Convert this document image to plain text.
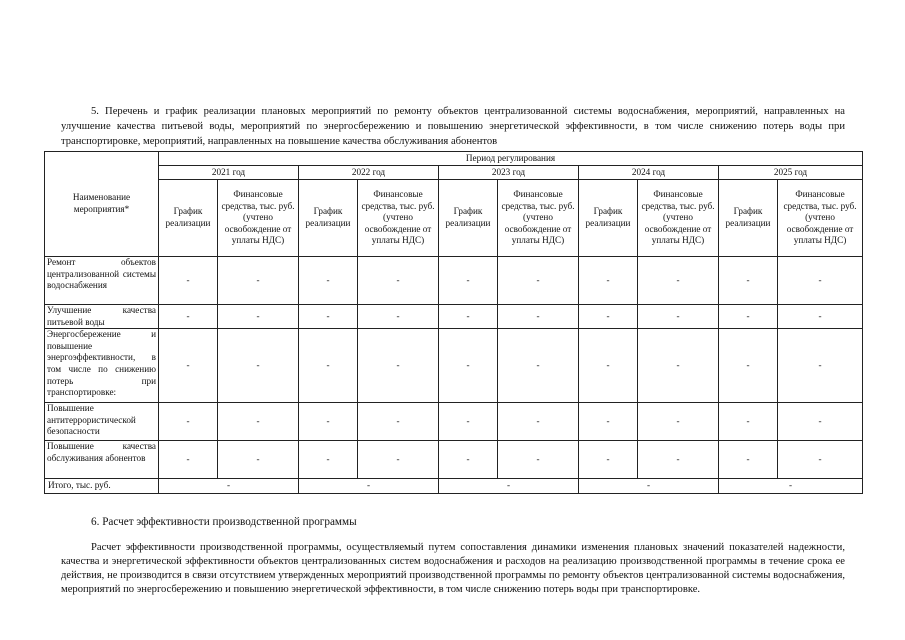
5. Перечень и график реализации плановых мероприятий по ремонту объектов централизованной системы водоснабжения, мероприятий, направленных на улучшение качества питьевой воды, мероприятий по энергосбережению и повышению энергетической эффективности, в том числе снижению потерь воды при транспортировке, мероприятий, направленных на повышение качества обслуживания абонентов

Наименование мероприятия*	Период регулирования									
	2021 год		2022 год		2023 год		2024 год		2025 год	
	График реализации	Финансовые средства, тыс. руб. (учтено освобождение от уплаты НДС)	График реализации	Финансовые средства, тыс. руб. (учтено освобождение от уплаты НДС)	График реализации	Финансовые средства, тыс. руб. (учтено освобождение от уплаты НДС)	График реализации	Финансовые средства, тыс. руб. (учтено освобождение от уплаты НДС)	График реализации	Финансовые средства, тыс. руб. (учтено освобождение от уплаты НДС)
Ремонт объектов централизованной системы водоснабжения	-	-	-	-	-	-	-	-	-	-
Улучшение качества питьевой воды	-	-	-	-	-	-	-	-	-	-
Энергосбережение и повышение энергоэффективности, в том числе по снижению потерь при транспортировке:	-	-	-	-	-	-	-	-	-	-
Повышение антитеррористической безопасности	-	-	-	-	-	-	-	-	-	-
Повышение качества обслуживания абонентов	-	-	-	-	-	-	-	-	-	-
Итого, тыс. руб.	-		-		-		-		-	
6. Расчет эффективности производственной программы

Расчет эффективности производственной программы, осуществляемый путем сопоставления динамики изменения плановых значений показателей надежности, качества и энергетической эффективности объектов централизованных систем водоснабжения и расходов на реализацию производственной программы в течение срока ее действия, не производится в связи отсутствием утвержденных мероприятий производственной программы по ремонту объектов централизованной системы водоснабжения, мероприятий по энергосбережению и повышению энергетической эффективности, в том числе снижению потерь воды при транспортировке.
